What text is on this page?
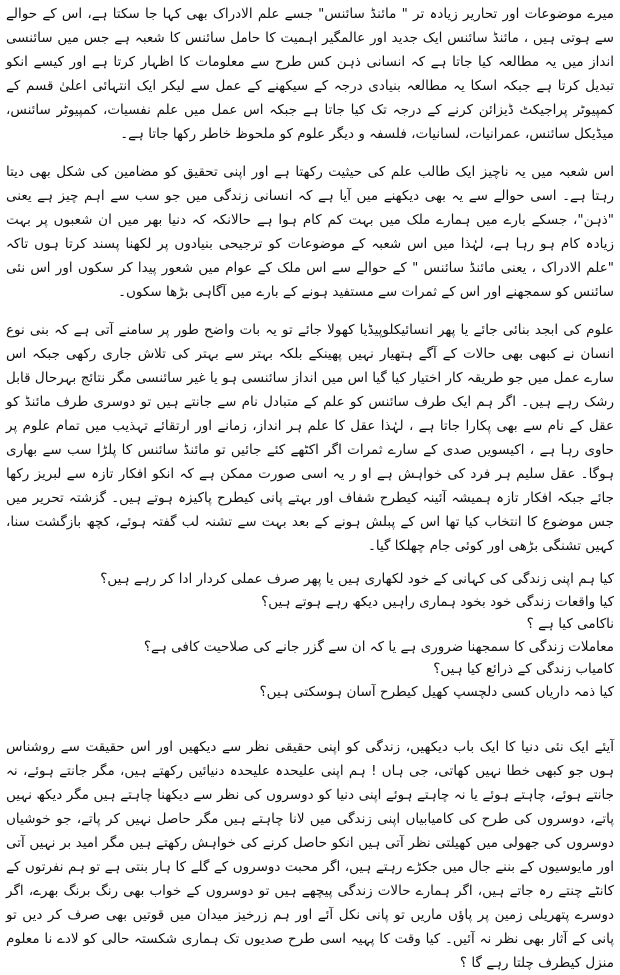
میرے موضوعات اور تحاریر زیادہ تر " مائنڈ سائنس" جسے علم الادراک بھی کہا جا سکتا ہے، اس کے حوالے سے ہوتی ہیں ، مائنڈ سائنس ایک جدید اور عالمگیر اہمیت کا حامل سائنس کا شعبہ ہے جس میں سائنسی انداز میں یہ مطالعہ کیا جاتا ہے کہ انسانی ذہن کس طرح سے معلومات کا اظہار کرتا ہے اور کیسے انکو تبدیل کرتا ہے جبکہ اسکا یہ مطالعہ بنیادی درجہ کے سیکھنے کے عمل سے لیکر ایک انتہائی اعلیٰ قسم کے کمپیوٹر پراجیکٹ ڈیزائن کرنے کے درجہ تک کیا جاتا ہے جبکہ اس عمل میں علم نفسیات، کمپیوٹر سائنس، میڈیکل سائنس، عمرانیات، لسانیات، فلسفہ و دیگر علوم کو ملحوظ خاطر رکھا جاتا ہے۔

اس شعبہ میں یہ ناچیز ایک طالب علم کی حیثیت رکھتا ہے اور اپنی تحقیق کو مضامین کی شکل بھی دیتا رہتا ہے۔ اسی حوالے سے یہ بھی دیکھنے میں آیا ہے کہ انسانی زندگی میں جو سب سے اہم چیز ہے یعنی "ذہن"، جسکے بارے میں ہمارے ملک میں بہت کم کام ہوا ہے حالانکہ کہ دنیا بھر میں ان شعبوں پر بہت زیادہ کام ہو رہا ہے، لہٰذا میں اس شعبہ کے موضوعات کو ترجیحی بنیادوں پر لکھنا پسند کرتا ہوں تاکہ "علم الادراک ، یعنی مائنڈ سائنس " کے حوالے سے اس ملک کے عوام میں شعور پیدا کر سکوں اور اس نئی سائنس کو سمجھنے اور اس کے ثمرات سے مستفید ہونے کے بارے میں آگاہی بڑھا سکوں۔

علوم کی ابجد بنائی جائے یا پھر انسائیکلوپیڈیا کھولا جائے تو یہ بات واضح طور پر سامنے آتی ہے کہ بنی نوع انسان نے کبھی بھی حالات کے آگے ہتھیار نہیں پھینکے بلکہ بہتر سے بہتر کی تلاش جاری رکھی جبکہ اس سارے عمل میں جو طریقہ کار اختیار کیا گیا اس میں انداز سائنسی ہو یا غیر سائنسی مگر نتائج بہرحال قابل رشک رہے ہیں۔ اگر ہم ایک طرف سائنس کو علم کے متبادل نام سے جانتے ہیں تو دوسری طرف مائنڈ کو عقل کے نام سے بھی پکارا جاتا ہے ، لہٰذا عقل کا علم ہر انداز، زمانے اور ارتقائے تہذیب میں تمام علوم پر حاوی رہا ہے ، اکیسویں صدی کے سارے ثمرات اگر اکٹھے کئے جائیں تو مائنڈ سائنس کا پلڑا سب سے بھاری ہوگا۔ عقل سلیم ہر فرد کی خواہش ہے او ر یہ اسی صورت ممکن ہے کہ انکو افکار تازہ سے لبریز رکھا جائے جبکہ افکار تازہ ہمیشہ آئینہ کیطرح شفاف اور بہتے پانی کیطرح پاکیزہ ہوتے ہیں۔ گزشتہ تحریر میں جس موضوع کا انتخاب کیا تھا اس کے پبلش ہونے کے بعد بہت سے تشنہ لب گفتہ ہوئے، کچھ بازگشت سنا، کہیں تشنگی بڑھی اور کوئی جام چھلکا گیا۔

کیا ہم اپنی زندگی کی کہانی کے خود لکھاری ہیں یا پھر صرف عملی کردار ادا کر رہے ہیں؟
کیا واقعات زندگی خود بخود ہماری راہیں دیکھ رہے ہوتے ہیں؟
ناکامی کیا ہے ؟
معاملات زندگی کا سمجھنا ضروری ہے یا کہ ان سے گزر جانے کی صلاحیت کافی ہے؟
کامیاب زندگی کے ذرائع کیا ہیں؟
کیا ذمہ داریاں کسی دلچسپ کھیل کیطرح آسان ہوسکتی ہیں؟

آیئے ایک نئی دنیا کا ایک باب دیکھیں، زندگی کو اپنی حقیقی نظر سے دیکھیں اور اس حقیقت سے روشناس ہوں جو کبھی خطا نہیں کھاتی، جی ہاں ! ہم اپنی علیحدہ علیحدہ دنیائیں رکھتے ہیں، مگر جانتے ہوئے، نہ جانتے ہوئے، چاہتے ہوئے یا نہ چاہتے ہوئے اپنی دنیا کو دوسروں کی نظر سے دیکھنا چاہتے ہیں مگر دیکھ نہیں پاتے، دوسروں کی طرح کی کامیابیاں اپنی زندگی میں لانا چاہتے ہیں مگر حاصل نہیں کر پاتے، جو خوشیاں دوسروں کی جھولی میں کھیلتی نظر آتی ہیں انکو حاصل کرنے کی خواہش رکھتے ہیں مگر امید بر نہیں آتی اور مایوسیوں کے بننے جال میں جکڑے رہتے ہیں، اگر محبت دوسروں کے گلے کا ہار بنتی ہے تو ہم نفرتوں کے کانٹے چنتے رہ جاتے ہیں، اگر ہمارے حالات زندگی پیچھے ہیں تو دوسروں کے خواب بھی رنگ برنگ بھرے، اگر دوسرے پتھریلی زمین پر پاؤں ماریں تو پانی نکل آئے اور ہم زرخیز میدان میں قوتیں بھی صرف کر دیں تو پانی کے آثار بھی نظر نہ آئیں۔ کیا وقت کا پہیہ اسی طرح صدیوں تک ہماری شکستہ حالی کو لادے نا معلوم منزل کیطرف چلتا رہے گا ؟
